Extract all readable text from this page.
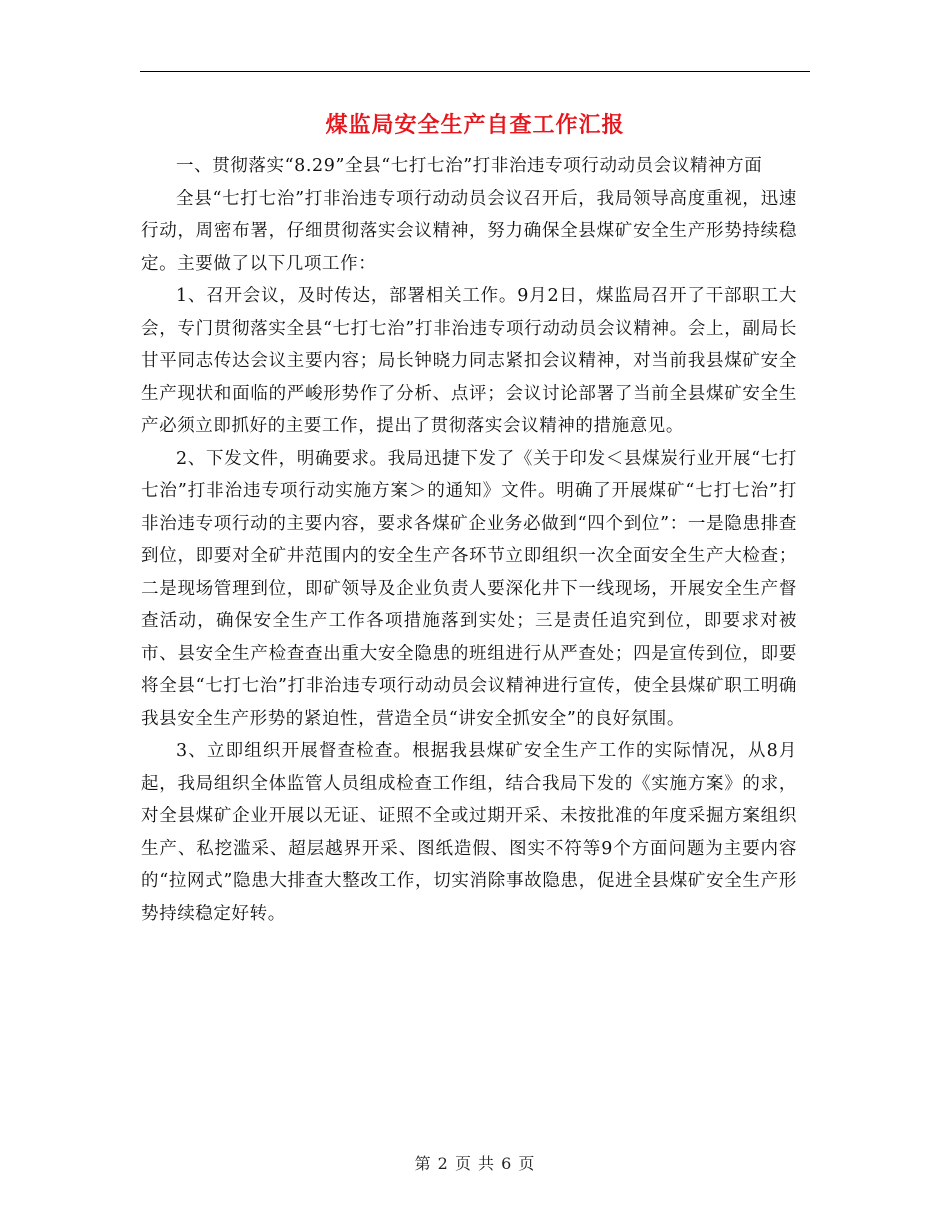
煤监局安全生产自查工作汇报

一、贯彻落实“8.29”全县“七打七治”打非治违专项行动动员会议精神方面

全县“七打七治”打非治违专项行动动员会议召开后，我局领导高度重视，迅速行动，周密布署，仔细贯彻落实会议精神，努力确保全县煤矿安全生产形势持续稳定。主要做了以下几项工作：

1、召开会议，及时传达，部署相关工作。9月2日，煤监局召开了干部职工大会，专门贯彻落实全县“七打七治”打非治违专项行动动员会议精神。会上，副局长甘平同志传达会议主要内容；局长钟晓力同志紧扣会议精神，对当前我县煤矿安全生产现状和面临的严峻形势作了分析、点评；会议讨论部署了当前全县煤矿安全生产必须立即抓好的主要工作，提出了贯彻落实会议精神的措施意见。

2、下发文件，明确要求。我局迅捷下发了《关于印发＜县煤炭行业开展“七打七治”打非治违专项行动实施方案＞的通知》文件。明确了开展煤矿“七打七治”打非治违专项行动的主要内容，要求各煤矿企业务必做到“四个到位”：一是隐患排查到位，即要对全矿井范围内的安全生产各环节立即组织一次全面安全生产大检查；二是现场管理到位，即矿领导及企业负责人要深化井下一线现场，开展安全生产督查活动，确保安全生产工作各项措施落到实处；三是责任追究到位，即要求对被市、县安全生产检查查出重大安全隐患的班组进行从严查处；四是宣传到位，即要将全县“七打七治”打非治违专项行动动员会议精神进行宣传，使全县煤矿职工明确我县安全生产形势的紧迫性，营造全员“讲安全抓安全”的良好氛围。

3、立即组织开展督查检查。根据我县煤矿安全生产工作的实际情况，从8月起，我局组织全体监管人员组成检查工作组，结合我局下发的《实施方案》的求，对全县煤矿企业开展以无证、证照不全或过期开采、未按批准的年度采掘方案组织生产、私挖滥采、超层越界开采、图纸造假、图实不符等9个方面问题为主要内容的“拉网式”隐患大排查大整改工作，切实消除事故隐患，促进全县煤矿安全生产形势持续稳定好转。

第 2 页 共 6 页
